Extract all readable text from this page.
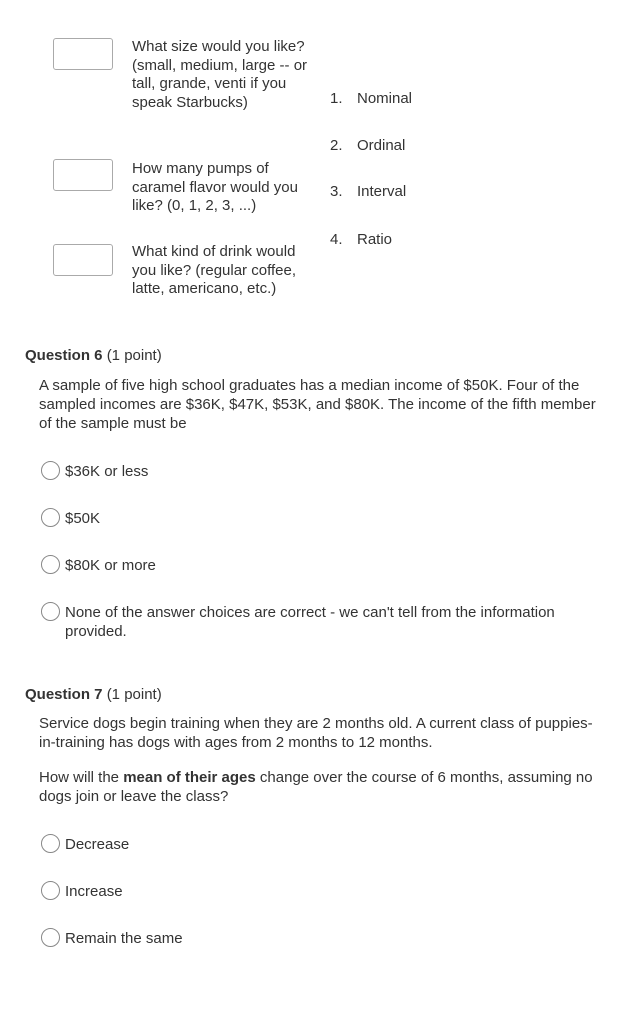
What size would you like? (small, medium, large -- or tall, grande, venti if you speak Starbucks)
How many pumps of caramel flavor would you like? (0, 1, 2, 3, ...)
What kind of drink would you like? (regular coffee, latte, americano, etc.)
1. Nominal
2. Ordinal
3. Interval
4. Ratio
Question 6 (1 point)
A sample of five high school graduates has a median income of $50K. Four of the sampled incomes are $36K, $47K, $53K, and $80K. The income of the fifth member of the sample must be
$36K or less
$50K
$80K or more
None of the answer choices are correct - we can't tell from the information provided.
Question 7 (1 point)
Service dogs begin training when they are 2 months old. A current class of puppies-in-training has dogs with ages from 2 months to 12 months.
How will the mean of their ages change over the course of 6 months, assuming no dogs join or leave the class?
Decrease
Increase
Remain the same
